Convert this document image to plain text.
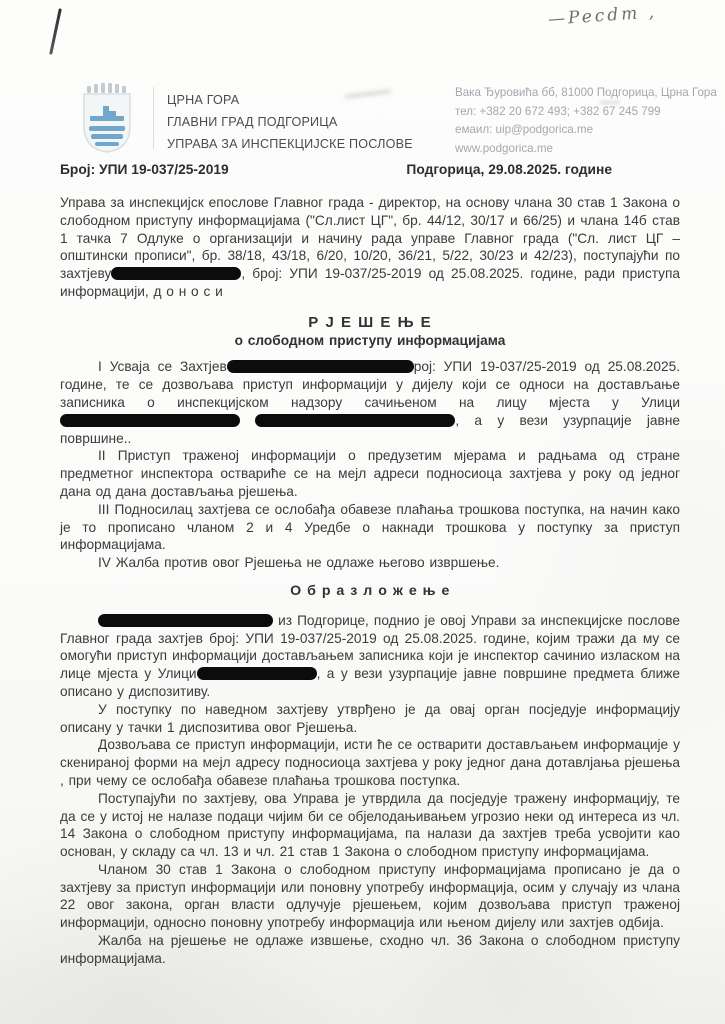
—Pecdm ,
ЦРНА ГОРА
ГЛАВНИ ГРАД ПОДГОРИЦА
УПРАВА ЗА ИНСПЕКЦИЈСКЕ ПОСЛОВЕ
Вака Ђуровића бб, 81000 Подгорица, Црна Гора
тел: +382 20 672 493; +382 67 245 799
емаил: uip@podgorica.me
www.podgorica.me
Број: УПИ 19-037/25-2019	Подгорица, 29.08.2025. године

Управа за инспекцијск епослове Главног града - директор, на основу члана 30 став 1 Закона о слободном приступу информацијама ("Сл.лист ЦГ", бр. 44/12, 30/17 и 66/25) и члана 14б став 1 тачка 7 Одлуке о организацији и начину рада управе Главног града ("Сл. лист ЦГ – општински прописи", бр. 38/18, 43/18, 6/20, 10/20, 36/21, 5/22, 30/23 и 42/23), поступајући по захтјеву	, број: УПИ 19-037/25-2019 од 25.08.2025. године, ради приступа информацији, д о н о с и

Р Ј Е Ш Е Њ Е
о слободном приступу информацијама

I Усваја се Захтјев	рој: УПИ 19-037/25-2019 од 25.08.2025. године, те се дозвољава приступ информацији у дијелу који се односи на достављање записника о инспекцијском надзору сачињеном на лицу мјеста у Улици  , а у вези узурпације јавне површине..

II Приступ траженој информацији о предузетим мјерама и радњама од стране предметног инспектора оствариће се на мејл адреси подносиоца захтјева у року од једног дана од дана достављања рјешења.

III Подносилац захтјева се ослобађа обавезе плаћања трошкова поступка, на начин како је то прописано чланом 2 и 4 Уредбе о накнади трошкова у поступку за приступ информацијама.

IV Жалба против овог Рјешења не одлаже његово извршење.

О б р а з л о ж е њ е

из Подгорице, поднио је овој Управи за инспекцијске послове Главног града захтјев број: УПИ 19-037/25-2019 од 25.08.2025. године, којим тражи да му се омогући приступ информацији достављањем записника који је инспектор сачинио изласком на лице мјеста у Улици	, а у вези узурпације јавне површине предмета ближе описано у диспозитиву.

У поступку по наведном захтјеву утврђено је да овај орган посједује информацију описану у тачки 1 диспозитива овог Рјешења.

Дозвољава се приступ информацији, исти ће се остварити достављањем информације у скенираној форми на мејл адресу подносиоца захтјева у року једног дана дотавлјања рјешења , при чему се ослобађа обавезе плаћања трошкова поступка.

Поступајући по захтјеву, ова Управа је утврдила да посједује тражену информацију, те да се у истој не налазе подаци чијим би се објелодањивањем угрозио неки од интереса из чл. 14 Закона о слободном приступу информацијама, па налази да захтјев треба усвојити као основан, у складу са чл. 13 и чл. 21 став 1 Закона о слободном приступу информацијама.

Чланом 30 став 1 Закона о слободном приступу информацијама прописано је да о захтјеву за приступ информацији или поновну употребу информација, осим у случају из члана 22 овог закона, орган власти одлучује рјешењем, којим дозвољава приступ траженој информацији, односно поновну употребу информација или њеном дијелу или захтјев одбија.

Жалба на рјешење не одлаже извшење, сходно чл. 36 Закона о слободном приступу информацијама.
